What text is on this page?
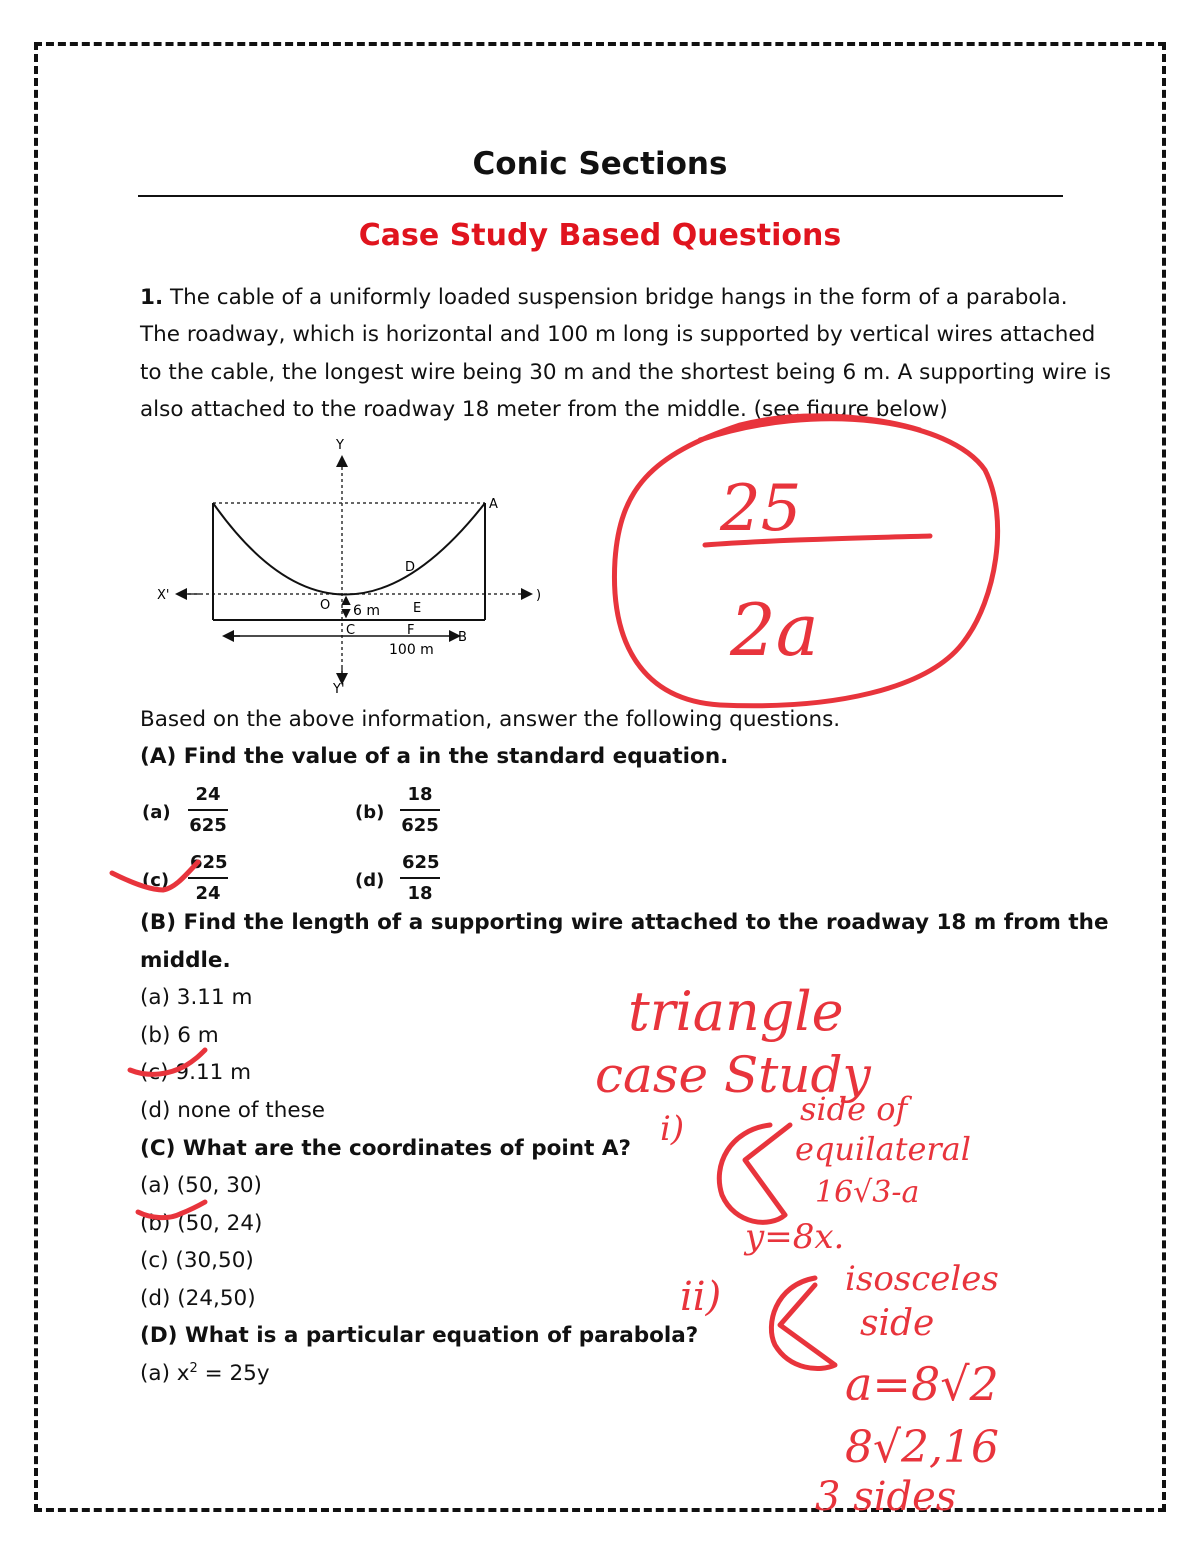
Conic Sections
Case Study Based Questions
1. The cable of a uniformly loaded suspension bridge hangs in the form of a parabola.
The roadway, which is horizontal and 100 m long is supported by vertical wires attached
to the cable, the longest wire being 30 m and the shortest being 6 m. A supporting wire is
also attached to the roadway 18 meter from the middle. (see figure below)
Y
Y'
X'	)
A
D
O 6 m	E
C	F	B
100 m
Based on the above information, answer the following questions.
(A) Find the value of a in the standard equation.
(a)
24
625
(b)
18
625
(c)
625
24
(d)
625
18
(B) Find the length of a supporting wire attached to the roadway 18 m from the
middle.
(a) 3.11 m
(b) 6 m
(c) 9.11 m
(d) none of these
(C) What are the coordinates of point A?
(a) (50, 30)
(b) (50, 24)
(c) (30,50)
(d) (24,50)
(D) What is a particular equation of parabola?
(a) $x^2 = 25y$
25
2a
triangle
case Study
i)	side of
equilateral
16√3-a
y=8x.
ii)	isosceles
side
a=8√2
8√2,16
3 sides
